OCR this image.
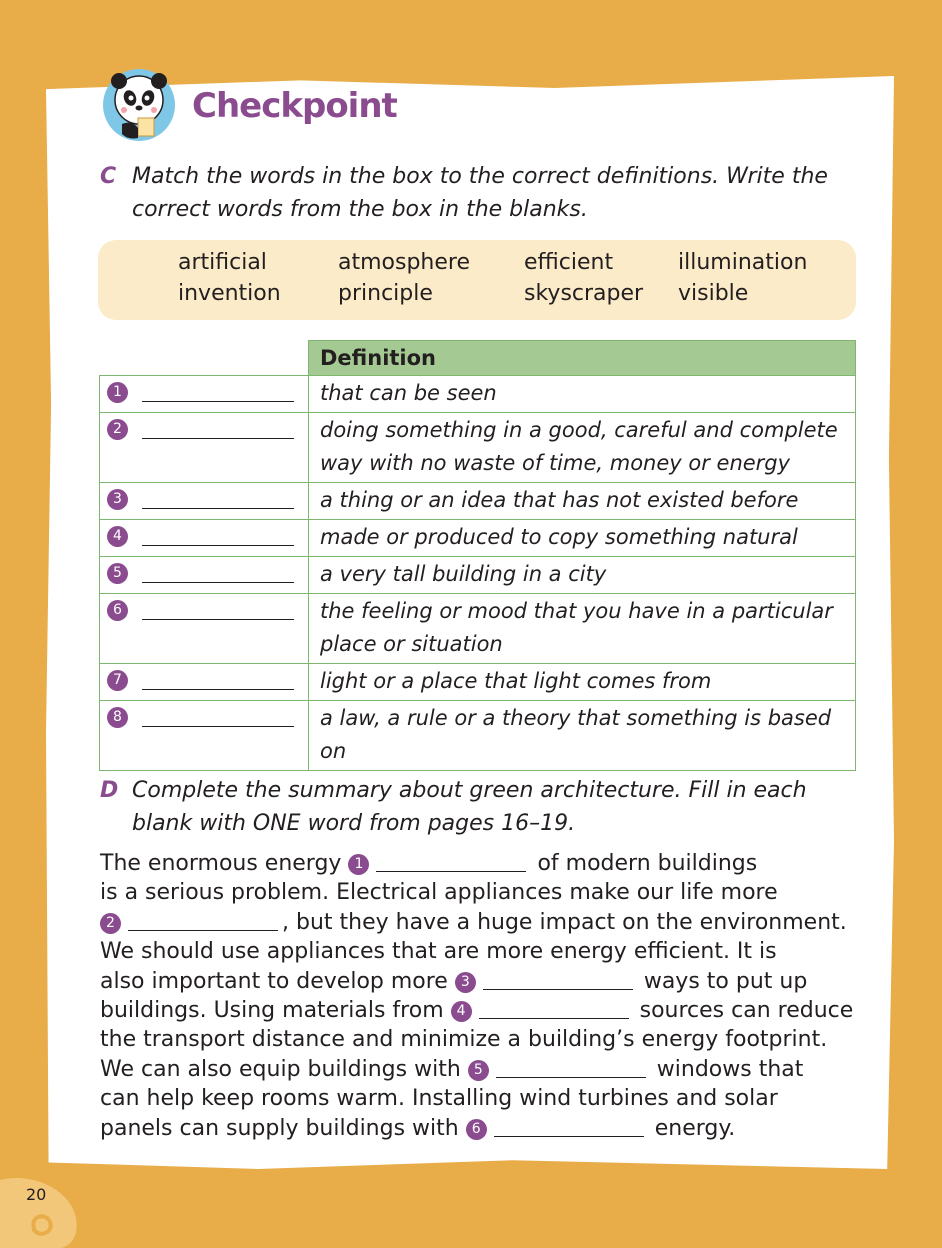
Checkpoint
C Match the words in the box to the correct definitions. Write the correct words from the box in the blanks.
artificial	atmosphere efficient	illumination
invention	principle	skyscraper visible
	Definition

1	that can be seen

2	doing something in a good, careful and complete way with no waste of time, money or energy

3	a thing or an idea that has not existed before

4	made or produced to copy something natural

5	a very tall building in a city

6	the feeling or mood that you have in a particular place or situation

7	light or a place that light comes from

8	a law, a rule or a theory that something is based on
D Complete the summary about green architecture. Fill in each blank with ONE word from pages 16–19.
The enormous energy 1	of modern buildings
is a serious problem. Electrical appliances make our life more
2	, but they have a huge impact on the environment.
We should use appliances that are more energy efficient. It is
also important to develop more 3	ways to put up
buildings. Using materials from 4	sources can reduce
the transport distance and minimize a building’s energy footprint.
We can also equip buildings with 5	windows that
can help keep rooms warm. Installing wind turbines and solar
panels can supply buildings with 6	energy.
20
